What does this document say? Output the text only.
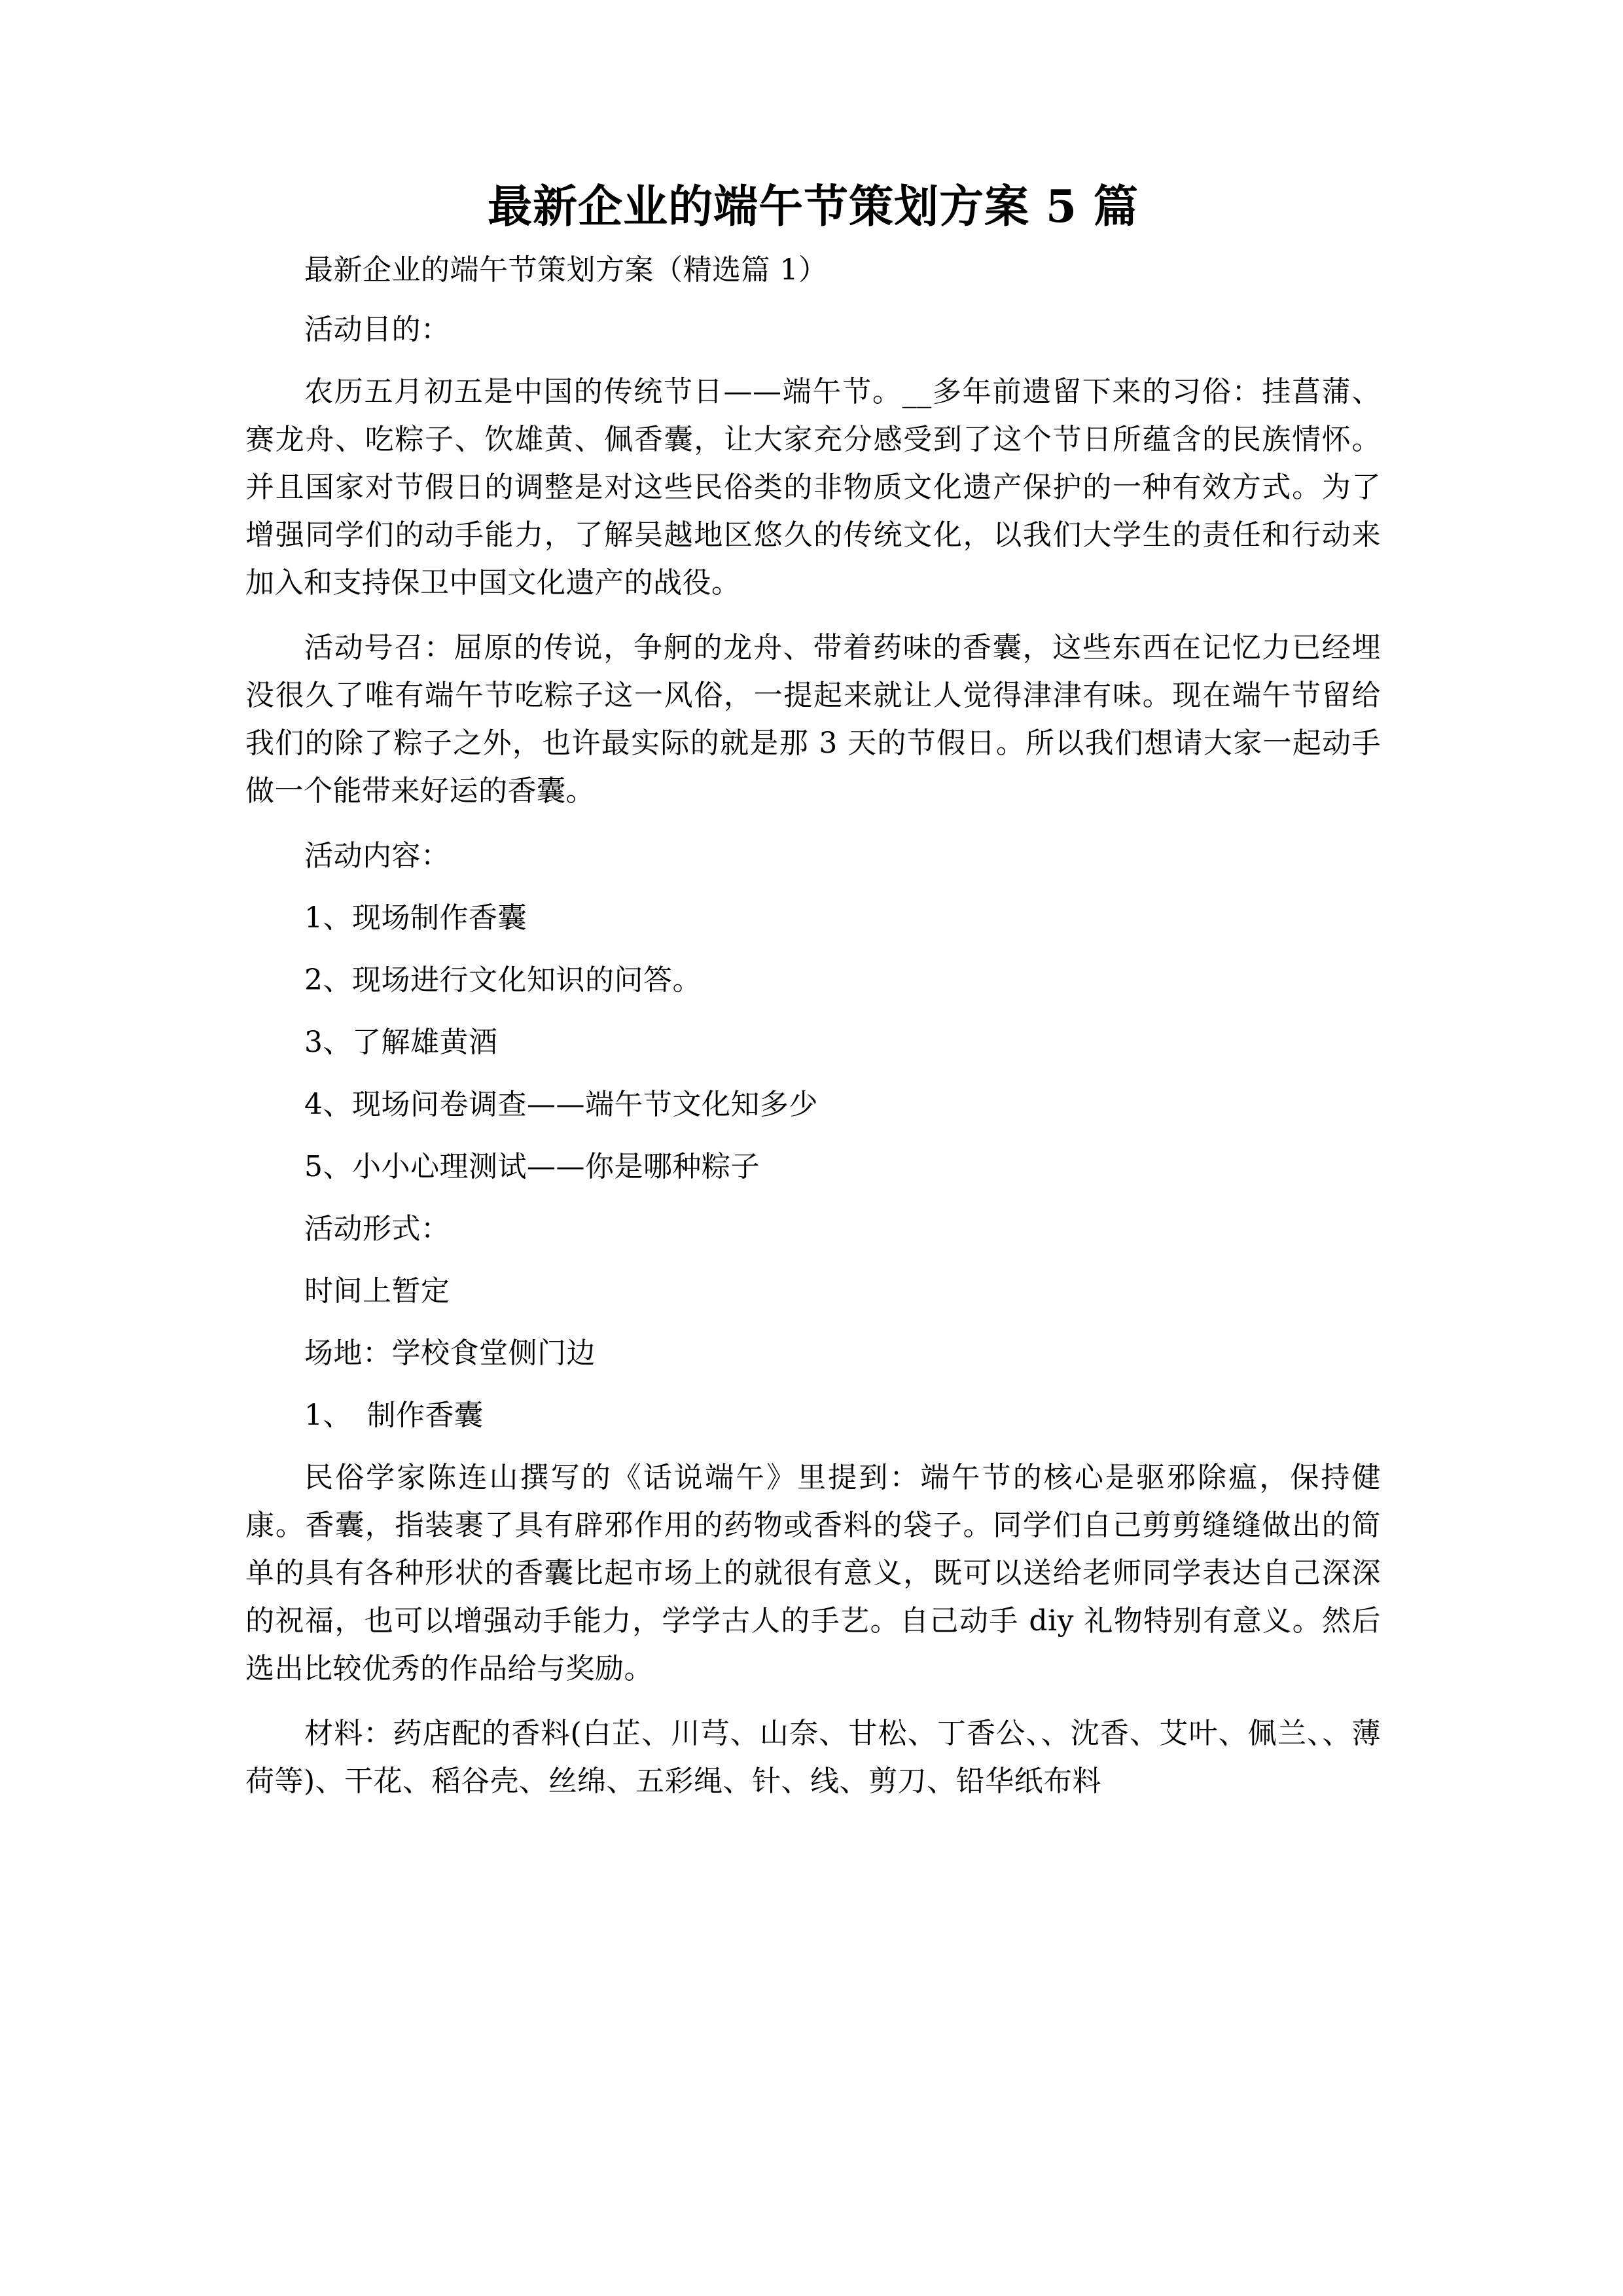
最新企业的端午节策划方案 5 篇

最新企业的端午节策划方案（精选篇 1）

活动目的：

农历五月初五是中国的传统节日——端午节。__多年前遗留下来的习俗：挂菖蒲、赛龙舟、吃粽子、饮雄黄、佩香囊，让大家充分感受到了这个节日所蕴含的民族情怀。并且国家对节假日的调整是对这些民俗类的非物质文化遗产保护的一种有效方式。为了增强同学们的动手能力，了解吴越地区悠久的传统文化，以我们大学生的责任和行动来加入和支持保卫中国文化遗产的战役。

活动号召：屈原的传说，争舸的龙舟、带着药味的香囊，这些东西在记忆力已经埋没很久了唯有端午节吃粽子这一风俗，一提起来就让人觉得津津有味。现在端午节留给我们的除了粽子之外，也许最实际的就是那 3 天的节假日。所以我们想请大家一起动手做一个能带来好运的香囊。

活动内容：

1、现场制作香囊

2、现场进行文化知识的问答。

3、了解雄黄酒

4、现场问卷调查——端午节文化知多少

5、小小心理测试——你是哪种粽子

活动形式：

时间上暂定

场地：学校食堂侧门边

1、　制作香囊

民俗学家陈连山撰写的《话说端午》里提到：端午节的核心是驱邪除瘟，保持健康。香囊，指装裹了具有辟邪作用的药物或香料的袋子。同学们自己剪剪缝缝做出的简单的具有各种形状的香囊比起市场上的就很有意义，既可以送给老师同学表达自己深深的祝福，也可以增强动手能力，学学古人的手艺。自己动手 diy 礼物特别有意义。然后选出比较优秀的作品给与奖励。

材料：药店配的香料(白芷、川芎、山奈、甘松、丁香公、、沈香、艾叶、佩兰、、薄荷等)、干花、稻谷壳、丝绵、五彩绳、针、线、剪刀、铅华纸布料
